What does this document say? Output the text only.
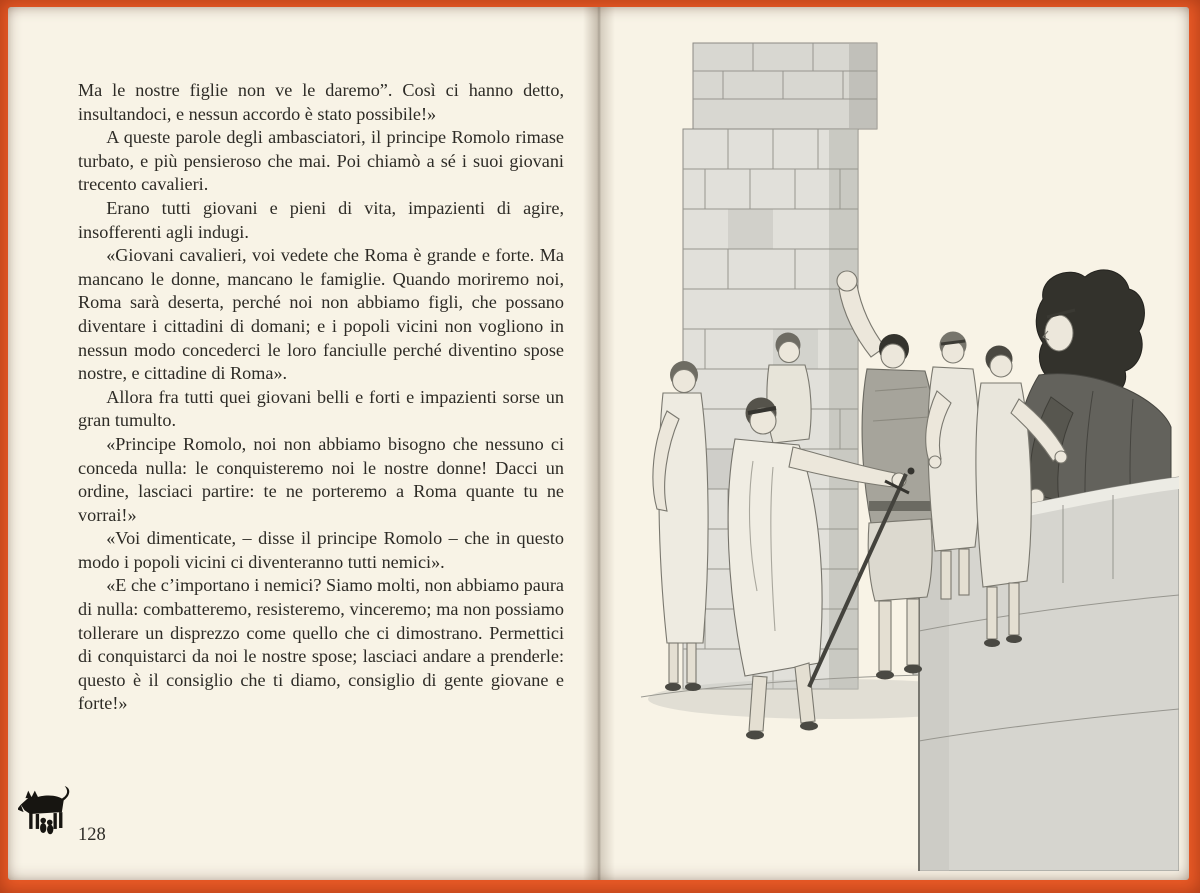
Ma le nostre figlie non ve le daremo”. Così ci hanno detto, insultandoci, e nessun accordo è stato possibile!»

A queste parole degli ambasciatori, il principe Romolo rimase turbato, e più pensieroso che mai. Poi chiamò a sé i suoi giovani trecento cavalieri.

Erano tutti giovani e pieni di vita, impazienti di agire, insofferenti agli indugi.

«Giovani cavalieri, voi vedete che Roma è grande e forte. Ma mancano le donne, mancano le famiglie. Quando moriremo noi, Roma sarà deserta, perché noi non abbiamo figli, che possano diventare i cittadini di domani; e i popoli vicini non vogliono in nessun modo concederci le loro fanciulle perché diventino spose nostre, e cittadine di Roma».

Allora fra tutti quei giovani belli e forti e impazienti sorse un gran tumulto.

«Principe Romolo, noi non abbiamo bisogno che nessuno ci conceda nulla: le conquisteremo noi le nostre donne! Dacci un ordine, lasciaci partire: te ne porteremo a Roma quante tu ne vorrai!»

«Voi dimenticate, – disse il principe Romolo – che in questo modo i popoli vicini ci diventeranno tutti nemici».

«E che c’importano i nemici? Siamo molti, non abbiamo paura di nulla: combatteremo, resisteremo, vinceremo; ma non possiamo tollerare un disprezzo come quello che ci dimostrano. Permettici di conquistarci da noi le nostre spose; lasciaci andare a prenderle: questo è il consiglio che ti diamo, consiglio di gente giovane e forte!»

128
